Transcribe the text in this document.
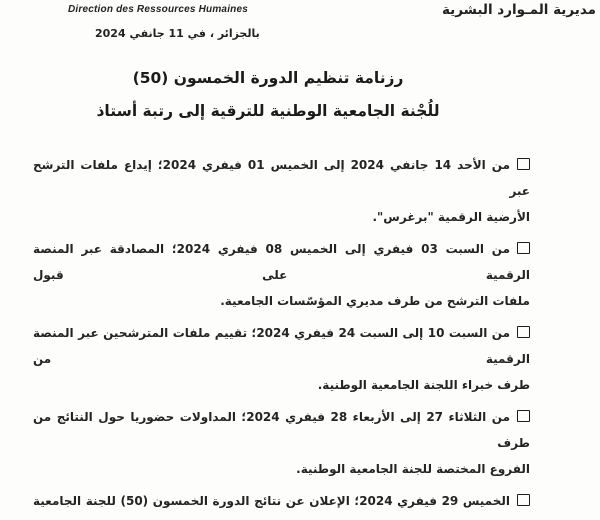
Direction des Ressources Humaines	مديرية المـوارد البشرية
بالجزائر ، في 11 جانفي 2024
رزنامة تنظيم الدورة الخمسون (50)
للُجْنة الجامعية الوطنية للترقية إلى رتبة أستاذ
من الأحد 14 جانفي 2024 إلى الخميس 01 فيفري 2024؛ إيداع ملفات الترشح عبر
الأرضية الرقمية "برغرس".
من السبت 03 فيفري إلى الخميس 08 فيفري 2024؛ المصادقة عبر المنصة الرقمية على قبول
ملفات الترشح من طرف مديري المؤسّسات الجامعية.
من السبت 10 إلى السبت 24 فيفري 2024؛ تقييم ملفات المترشحين عبر المنصة الرقمية من
طرف خبراء اللجنة الجامعية الوطنية.
من الثلاثاء 27 إلى الأربعاء 28 فيفري 2024؛ المداولات حضوريا حول النتائج من طرف
الفروع المختصة للجنة الجامعية الوطنية.
الخميس 29 فيفري 2024؛ الإعلان عن نتائج الدورة الخمسون (50) للجنة الجامعية
